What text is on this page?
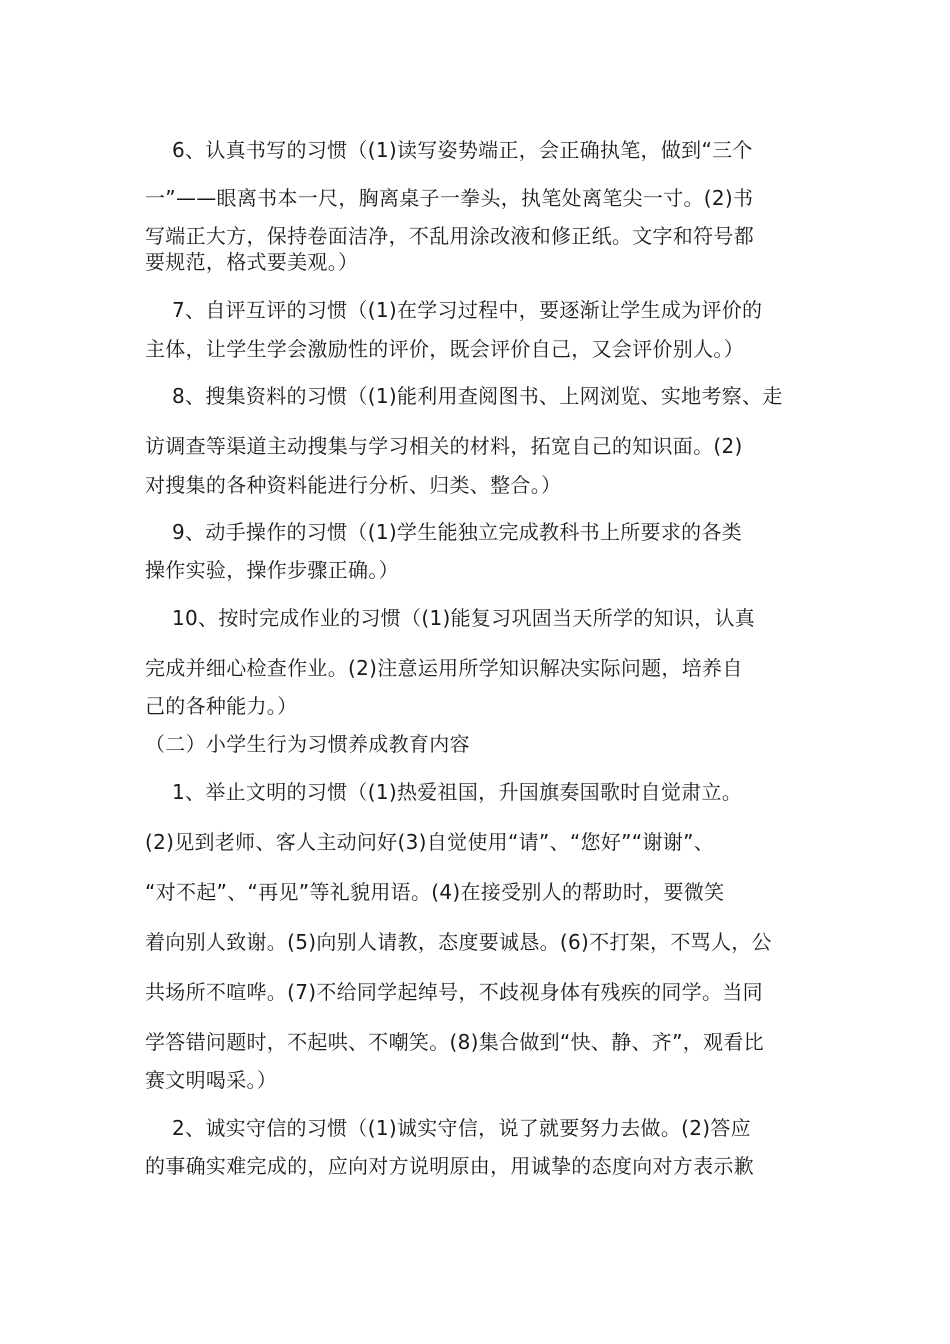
6、认真书写的习惯（(1)读写姿势端正，会正确执笔，做到“三个
一”——眼离书本一尺，胸离桌子一拳头，执笔处离笔尖一寸。(2)书
写端正大方，保持卷面洁净，不乱用涂改液和修正纸。文字和符号都
要规范，格式要美观。）
7、自评互评的习惯（(1)在学习过程中，要逐渐让学生成为评价的
主体，让学生学会激励性的评价，既会评价自己，又会评价别人。）
8、搜集资料的习惯（(1)能利用查阅图书、上网浏览、实地考察、走
访调查等渠道主动搜集与学习相关的材料，拓宽自己的知识面。(2)
对搜集的各种资料能进行分析、归类、整合。）
9、动手操作的习惯（(1)学生能独立完成教科书上所要求的各类
操作实验，操作步骤正确。）
10、按时完成作业的习惯（(1)能复习巩固当天所学的知识，认真
完成并细心检查作业。(2)注意运用所学知识解决实际问题，培养自
己的各种能力。）
（二）小学生行为习惯养成教育内容
1、举止文明的习惯（(1)热爱祖国，升国旗奏国歌时自觉肃立。
(2)见到老师、客人主动问好(3)自觉使用“请”、“您好”“谢谢”、
“对不起”、“再见”等礼貌用语。(4)在接受别人的帮助时，要微笑
着向别人致谢。(5)向别人请教，态度要诚恳。(6)不打架，不骂人，公
共场所不喧哗。(7)不给同学起绰号，不歧视身体有残疾的同学。当同
学答错问题时，不起哄、不嘲笑。(8)集合做到“快、静、齐”，观看比
赛文明喝采。）
2、诚实守信的习惯（(1)诚实守信，说了就要努力去做。(2)答应
的事确实难完成的，应向对方说明原由，用诚挚的态度向对方表示歉
